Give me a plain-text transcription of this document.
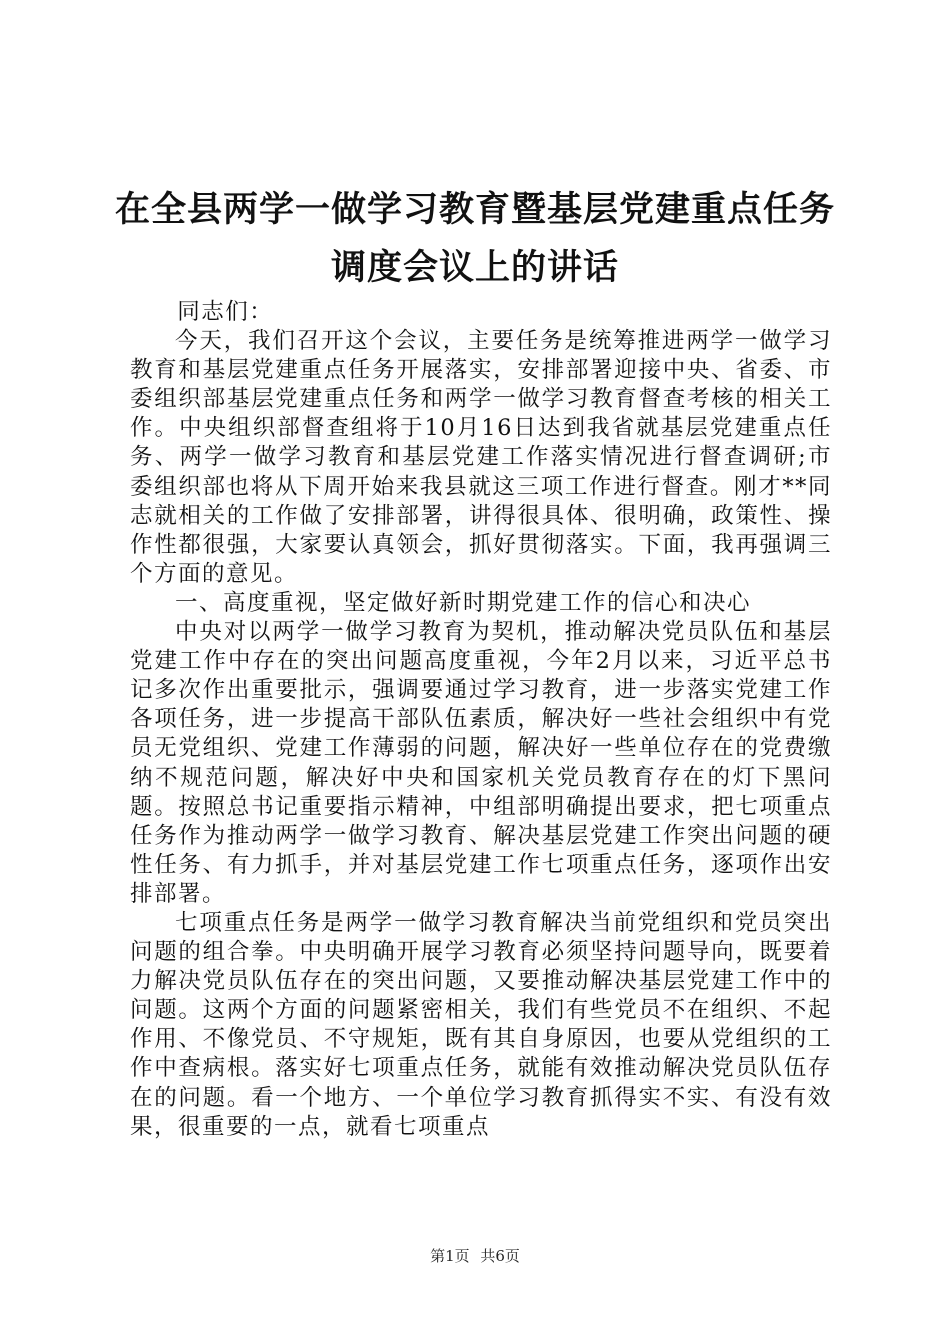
在全县两学一做学习教育暨基层党建重点任务
调度会议上的讲话

同志们：

今天，我们召开这个会议，主要任务是统筹推进两学一做学习教育和基层党建重点任务开展落实，安排部署迎接中央、省委、市委组织部基层党建重点任务和两学一做学习教育督查考核的相关工作。中央组织部督查组将于10月16日达到我省就基层党建重点任务、两学一做学习教育和基层党建工作落实情况进行督查调研;市委组织部也将从下周开始来我县就这三项工作进行督查。刚才**同志就相关的工作做了安排部署，讲得很具体、很明确，政策性、操作性都很强，大家要认真领会，抓好贯彻落实。下面，我再强调三个方面的意见。

一、高度重视，坚定做好新时期党建工作的信心和决心

中央对以两学一做学习教育为契机，推动解决党员队伍和基层党建工作中存在的突出问题高度重视，今年2月以来，习近平总书记多次作出重要批示，强调要通过学习教育，进一步落实党建工作各项任务，进一步提高干部队伍素质，解决好一些社会组织中有党员无党组织、党建工作薄弱的问题，解决好一些单位存在的党费缴纳不规范问题，解决好中央和国家机关党员教育存在的灯下黑问题。按照总书记重要指示精神，中组部明确提出要求，把七项重点任务作为推动两学一做学习教育、解决基层党建工作突出问题的硬性任务、有力抓手，并对基层党建工作七项重点任务，逐项作出安排部署。

七项重点任务是两学一做学习教育解决当前党组织和党员突出问题的组合拳。中央明确开展学习教育必须坚持问题导向，既要着力解决党员队伍存在的突出问题，又要推动解决基层党建工作中的问题。这两个方面的问题紧密相关，我们有些党员不在组织、不起作用、不像党员、不守规矩，既有其自身原因，也要从党组织的工作中查病根。落实好七项重点任务，就能有效推动解决党员队伍存在的问题。看一个地方、一个单位学习教育抓得实不实、有没有效果，很重要的一点，就看七项重点

第1页 共6页
